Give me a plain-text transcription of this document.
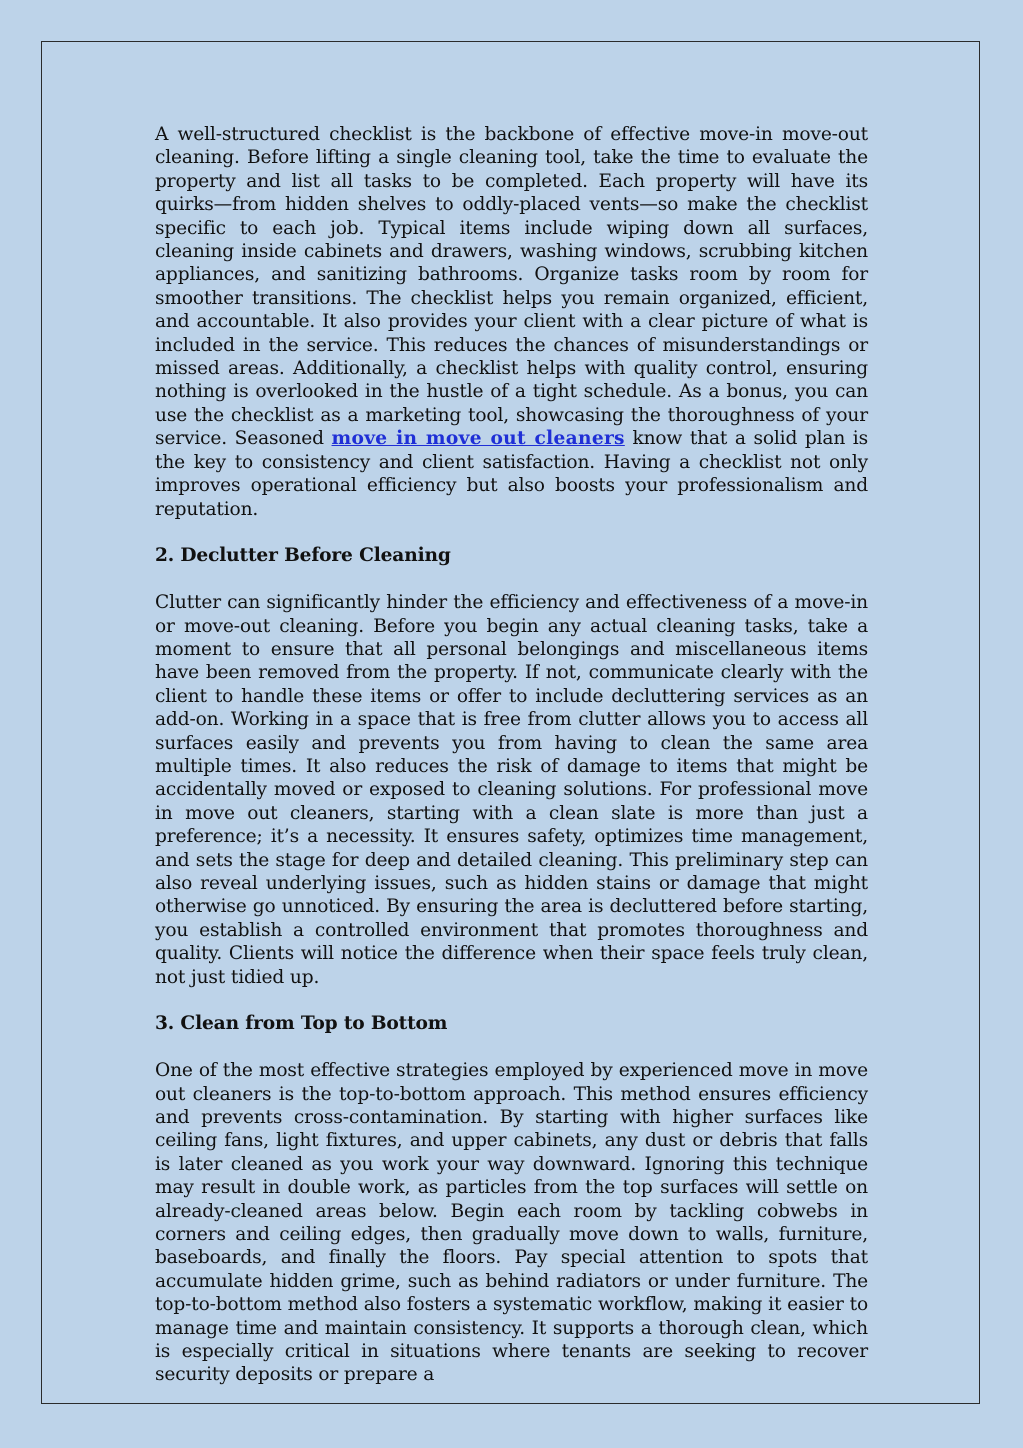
A well-structured checklist is the backbone of effective move-in move-out cleaning. Before lifting a single cleaning tool, take the time to evaluate the property and list all tasks to be completed. Each property will have its quirks—from hidden shelves to oddly-placed vents—so make the checklist specific to each job. Typical items include wiping down all surfaces, cleaning inside cabinets and drawers, washing windows, scrubbing kitchen appliances, and sanitizing bathrooms. Organize tasks room by room for smoother transitions. The checklist helps you remain organized, efficient, and accountable. It also provides your client with a clear picture of what is included in the service. This reduces the chances of misunderstandings or missed areas. Additionally, a checklist helps with quality control, ensuring nothing is overlooked in the hustle of a tight schedule. As a bonus, you can use the checklist as a marketing tool, showcasing the thoroughness of your service. Seasoned move in move out cleaners know that a solid plan is the key to consistency and client satisfaction. Having a checklist not only improves operational efficiency but also boosts your professionalism and reputation.

2. Declutter Before Cleaning

Clutter can significantly hinder the efficiency and effectiveness of a move-in or move-out cleaning. Before you begin any actual cleaning tasks, take a moment to ensure that all personal belongings and miscellaneous items have been removed from the property. If not, communicate clearly with the client to handle these items or offer to include decluttering services as an add-on. Working in a space that is free from clutter allows you to access all surfaces easily and prevents you from having to clean the same area multiple times. It also reduces the risk of damage to items that might be accidentally moved or exposed to cleaning solutions. For professional move in move out cleaners, starting with a clean slate is more than just a preference; it’s a necessity. It ensures safety, optimizes time management, and sets the stage for deep and detailed cleaning. This preliminary step can also reveal underlying issues, such as hidden stains or damage that might otherwise go unnoticed. By ensuring the area is decluttered before starting, you establish a controlled environment that promotes thoroughness and quality. Clients will notice the difference when their space feels truly clean, not just tidied up.

3. Clean from Top to Bottom

One of the most effective strategies employed by experienced move in move out cleaners is the top-to-bottom approach. This method ensures efficiency and prevents cross-contamination. By starting with higher surfaces like ceiling fans, light fixtures, and upper cabinets, any dust or debris that falls is later cleaned as you work your way downward. Ignoring this technique may result in double work, as particles from the top surfaces will settle on already-cleaned areas below. Begin each room by tackling cobwebs in corners and ceiling edges, then gradually move down to walls, furniture, baseboards, and finally the floors. Pay special attention to spots that accumulate hidden grime, such as behind radiators or under furniture. The top-to-bottom method also fosters a systematic workflow, making it easier to manage time and maintain consistency. It supports a thorough clean, which is especially critical in situations where tenants are seeking to recover security deposits or prepare a
